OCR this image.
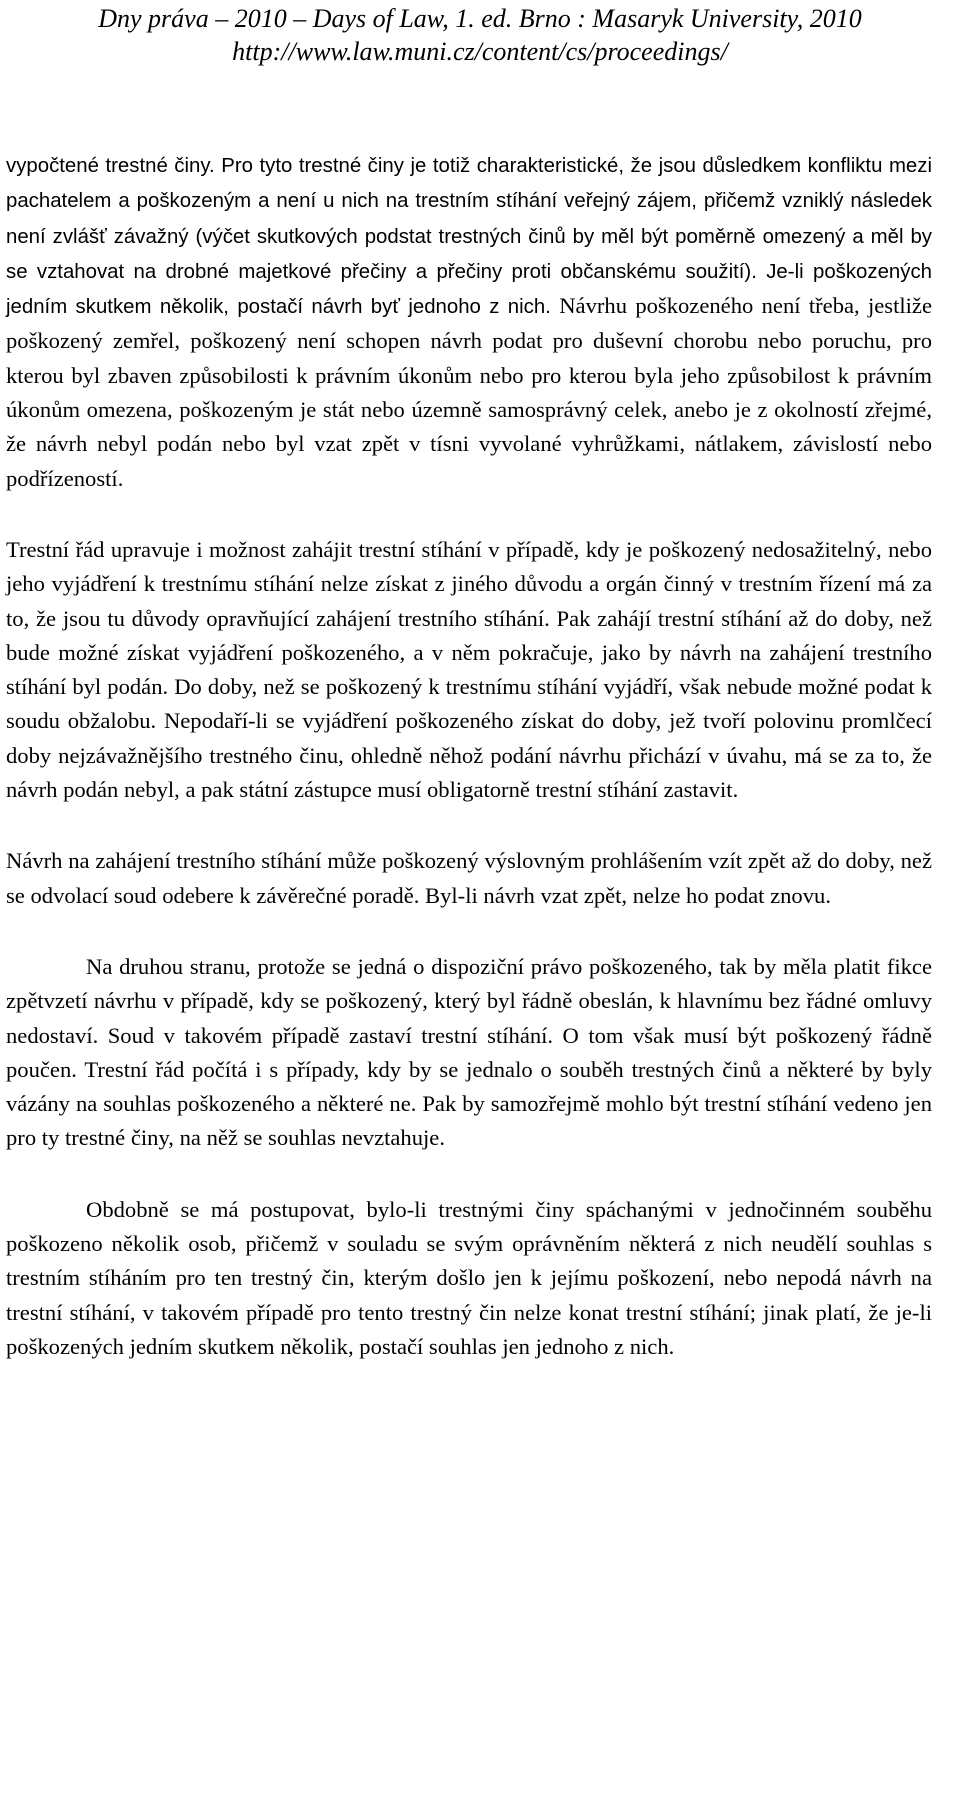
Dny práva – 2010 – Days of Law, 1. ed. Brno : Masaryk University, 2010
http://www.law.muni.cz/content/cs/proceedings/

vypočtené trestné činy. Pro tyto trestné činy je totiž charakteristické, že jsou důsledkem konfliktu mezi pachatelem a poškozeným a není u nich na trestním stíhání veřejný zájem, přičemž vzniklý následek není zvlášť závažný (výčet skutkových podstat trestných činů by měl být poměrně omezený a měl by se vztahovat na drobné majetkové přečiny a přečiny proti občanskému soužití). Je-li poškozených jedním skutkem několik, postačí návrh byť jednoho z nich. Návrhu poškozeného není třeba, jestliže poškozený zemřel, poškozený není schopen návrh podat pro duševní chorobu nebo poruchu, pro kterou byl zbaven způsobilosti k právním úkonům nebo pro kterou byla jeho způsobilost k právním úkonům omezena, poškozeným je stát nebo územně samosprávný celek, anebo je z okolností zřejmé, že návrh nebyl podán nebo byl vzat zpět v tísni vyvolané vyhrůžkami, nátlakem, závislostí nebo podřízeností.

Trestní řád upravuje i možnost zahájit trestní stíhání v případě, kdy je poškozený nedosažitelný, nebo jeho vyjádření k trestnímu stíhání nelze získat z jiného důvodu a orgán činný v trestním řízení má za to, že jsou tu důvody opravňující zahájení trestního stíhání. Pak zahájí trestní stíhání až do doby, než bude možné získat vyjádření poškozeného, a v něm pokračuje, jako by návrh na zahájení trestního stíhání byl podán. Do doby, než se poškozený k trestnímu stíhání vyjádří, však nebude možné podat k soudu obžalobu. Nepodaří-li se vyjádření poškozeného získat do doby, jež tvoří polovinu promlčecí doby nejzávažnějšího trestného činu, ohledně něhož podání návrhu přichází v úvahu, má se za to, že návrh podán nebyl, a pak státní zástupce musí obligatorně trestní stíhání zastavit.

Návrh na zahájení trestního stíhání může poškozený výslovným prohlášením vzít zpět až do doby, než se odvolací soud odebere k závěrečné poradě. Byl-li návrh vzat zpět, nelze ho podat znovu.

Na druhou stranu, protože se jedná o dispoziční právo poškozeného, tak by měla platit fikce zpětvzetí návrhu v případě, kdy se poškozený, který byl řádně obeslán, k hlavnímu bez řádné omluvy nedostaví. Soud v takovém případě zastaví trestní stíhání. O tom však musí být poškozený řádně poučen. Trestní řád počítá i s případy, kdy by se jednalo o souběh trestných činů a některé by byly vázány na souhlas poškozeného a některé ne. Pak by samozřejmě mohlo být trestní stíhání vedeno jen pro ty trestné činy, na něž se souhlas nevztahuje.

Obdobně se má postupovat, bylo-li trestnými činy spáchanými v jednočinném souběhu poškozeno několik osob, přičemž v souladu se svým oprávněním některá z nich neudělí souhlas s trestním stíháním pro ten trestný čin, kterým došlo jen k jejímu poškození, nebo nepodá návrh na trestní stíhání, v takovém případě pro tento trestný čin nelze konat trestní stíhání; jinak platí, že je-li poškozených jedním skutkem několik, postačí souhlas jen jednoho z nich.
